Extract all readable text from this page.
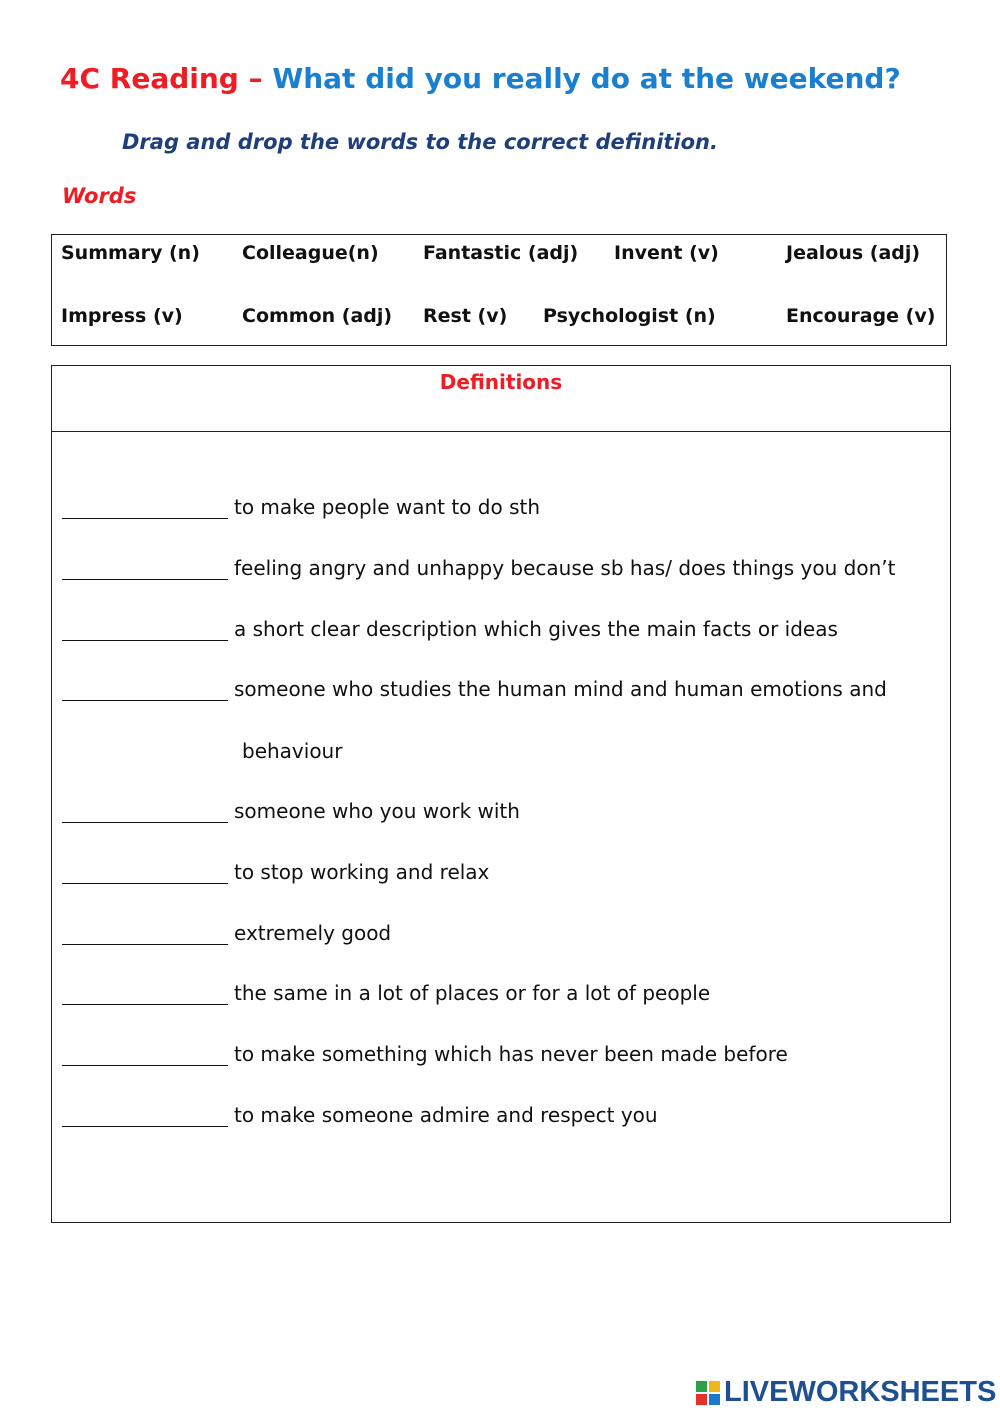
4C Reading – What did you really do at the weekend?

Drag and drop the words to the correct definition.

Words

Summary (n) Colleague(n) Fantastic (adj) Invent (v)	Jealous (adj)
Impress (v)	Common (adj) Rest (v) Psychologist (n)	Encourage (v)
Definitions
to make people want to do sth
feeling angry and unhappy because sb has/ does things you don’t
a short clear description which gives the main facts or ideas
someone who studies the human mind and human emotions and
behaviour
someone who you work with
to stop working and relax
extremely good
the same in a lot of places or for a lot of people
to make something which has never been made before
to make someone admire and respect you
LIVEWORKSHEETS
